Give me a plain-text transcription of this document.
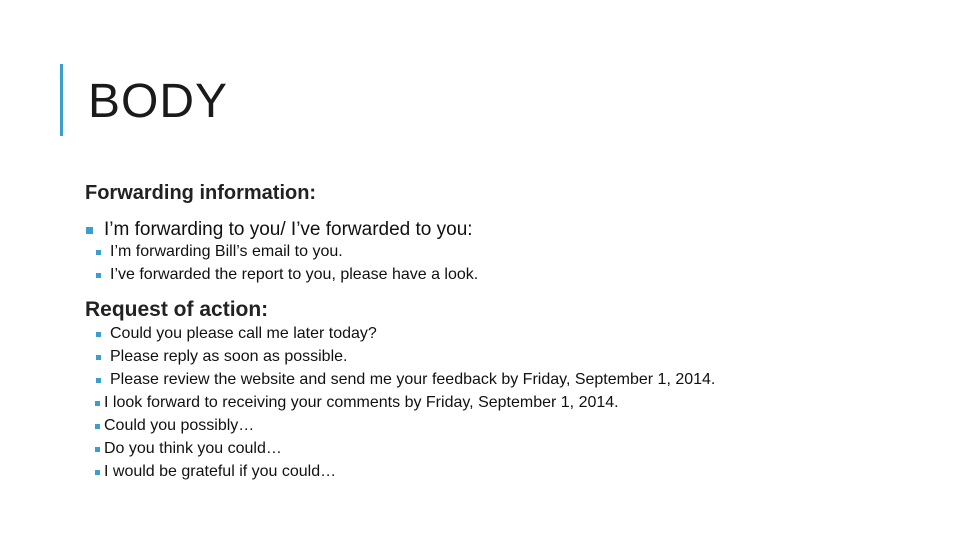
BODY
Forwarding information:
I’m forwarding to you/ I’ve forwarded to you:
I’m forwarding Bill’s email to you.
I’ve forwarded the report to you, please have a look.
Request of action:
Could you please call me later today?
Please reply as soon as possible.
Please review the website and send me your feedback by Friday, September 1, 2014.
I look forward to receiving your comments by Friday, September 1, 2014.
Could you possibly…
Do you think you could…
I would be grateful if you could…
